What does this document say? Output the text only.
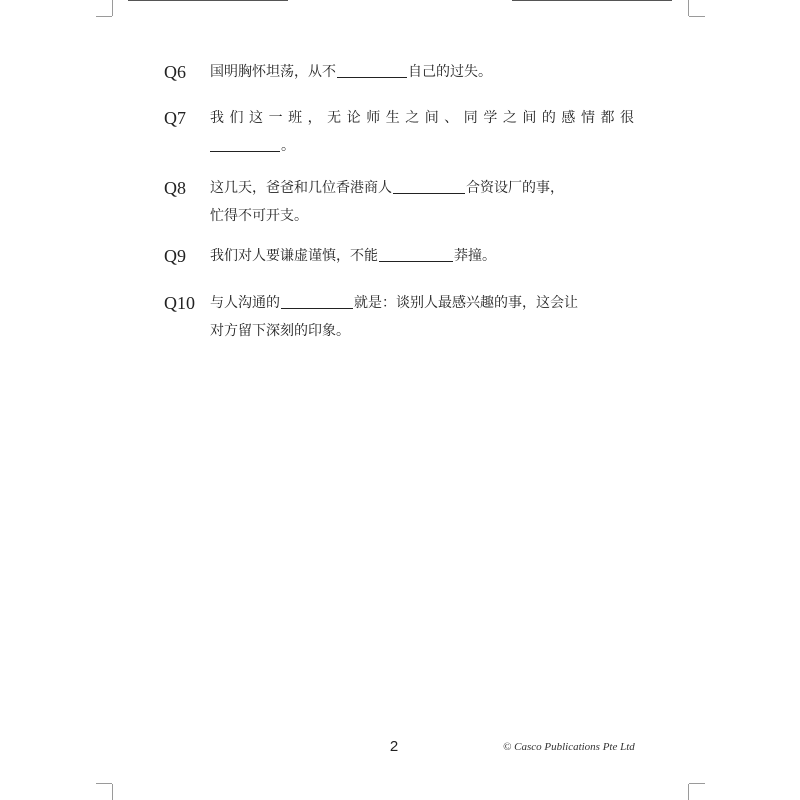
Q6	国明胸怀坦荡，从不	自己的过失。

Q7	我们这一班，无论师生之间、同学之间的感情都很
。

Q8	这几天，爸爸和几位香港商人	合资设厂的事，
忙得不可开支。

Q9	我们对人要谦虚谨慎，不能	莽撞。

Q10	与人沟通的	就是：谈别人最感兴趣的事，这会让
对方留下深刻的印象。

2	© Casco Publications Pte Ltd
